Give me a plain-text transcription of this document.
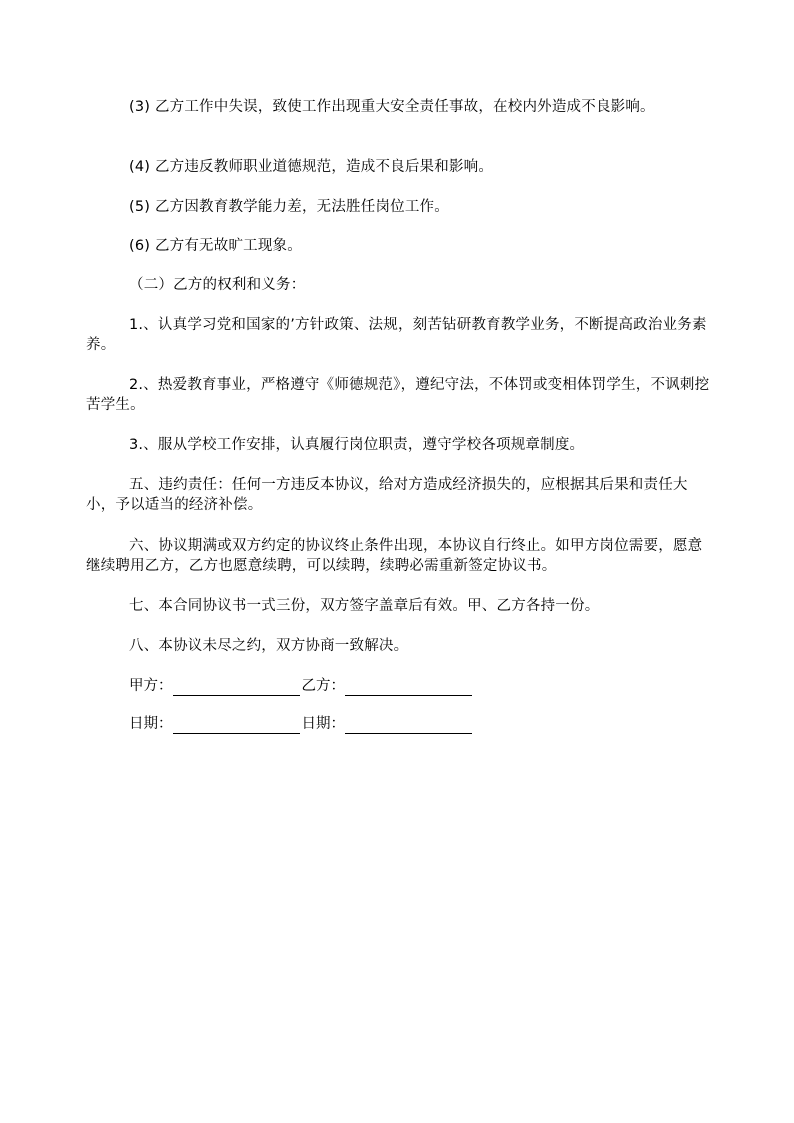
(3) 乙方工作中失误，致使工作出现重大安全责任事故，在校内外造成不良影响。

(4) 乙方违反教师职业道德规范，造成不良后果和影响。

(5) 乙方因教育教学能力差，无法胜任岗位工作。

(6) 乙方有无故旷工现象。

（二）乙方的权利和义务：

1.、认真学习党和国家的’方针政策、法规，刻苦钻研教育教学业务，不断提高政治业务素养。

2.、热爱教育事业，严格遵守《师德规范》，遵纪守法，不体罚或变相体罚学生，不讽刺挖苦学生。

3.、服从学校工作安排，认真履行岗位职责，遵守学校各项规章制度。

五、违约责任：任何一方违反本协议，给对方造成经济损失的，应根据其后果和责任大小，予以适当的经济补偿。

六、协议期满或双方约定的协议终止条件出现，本协议自行终止。如甲方岗位需要，愿意继续聘用乙方，乙方也愿意续聘，可以续聘，续聘必需重新签定协议书。

七、本合同协议书一式三份，双方签字盖章后有效。甲、乙方各持一份。

八、本协议未尽之约，双方协商一致解决。

甲方：	乙方：
日期：	日期：
